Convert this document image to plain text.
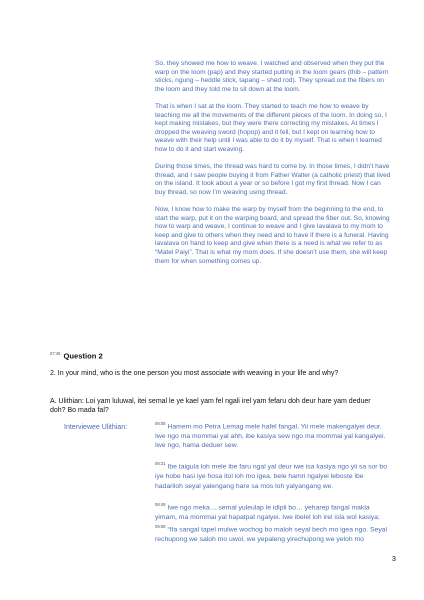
So, they showed me how to weave. I watched and observed when they put the warp on the loom (pap) and they started putting in the loom gears (thib – pattern sticks, ngung – heddle stick, tapang – shed rod). They spread out the fibers on the loom and they told me to sit down at the loom.

That is when I sat at the loom. They started to teach me how to weave by teaching me all the movements of the different pieces of the loom. In doing so, I kept making mistakes, but they were there correcting my mistakes. At times I dropped the weaving sword (hopop) and it fell, but I kept on learning how to weave with their help until I was able to do it by myself. That is when I learned how to do it and start weaving.

During those times, the thread was hard to come by. In those times, I didn’t have thread, and I saw people buying it from Father Walter (a catholic priest) that lived on the island. It took about a year or so before I got my first thread. Now I can buy thread, so now I’m weaving using thread.

Now, I know how to make the warp by myself from the beginning to the end, to start the warp, put it on the warping board, and spread the fiber out. So, knowing how to warp and weave, I continue to weave and I give lavalava to my mom to keep and give to others when they need and to have if there is a funeral. Having lavalava on hand to keep and give when there is a need is what we refer to as “Matel Paiyi”. That is what my mom does. If she doesn’t use them, she will keep them for when something comes up.

$^{07:45}$ Question 2
2. In your mind, who is the one person you most associate with weaving in your life and why?
A. Ulithian: Loi yam luluwal, itei semal le ye kael yam fel ngali irel yam fefaru doh deur hare yam deduer doh? Bo mada fal?
Interviewee Ulithian:

$^{08:08}$ Hamem mo Petra Lemag mele hafel fangal. Yii mele makengalyei deur. Iwe ngo ma mommai yal ahh, ibe kasiya sew ngo ma mommai yal kangalyei. Iwe ngo, hama deduer sew.

$^{08:31}$ Ibe taigula loh mele ibe faru ngal yal deur iwe isa kasiya ngo yii sa sor bo iye hobe hasi iye hosa itol loh mo igea, bele hamri ngalyei leboste ibe hadariloh seyal yalengang hare sa mos loh yalyangang we.

$^{08:49}$ Iwe ngo meka… semal yuleulap le idipli bo… yeharep fangal makla yimam, ma mommai yal hapatpat ngalyei. Iwe ibelel loh irel isla wol kasiya; $^{09:08}$ “Ifa sangal tapel mulwe wochog bo maloh seyal bech mo igea ngo. Seyal rechupong we saloh mo uwol, we yepaleng yirechupong we yeloh mo

3
